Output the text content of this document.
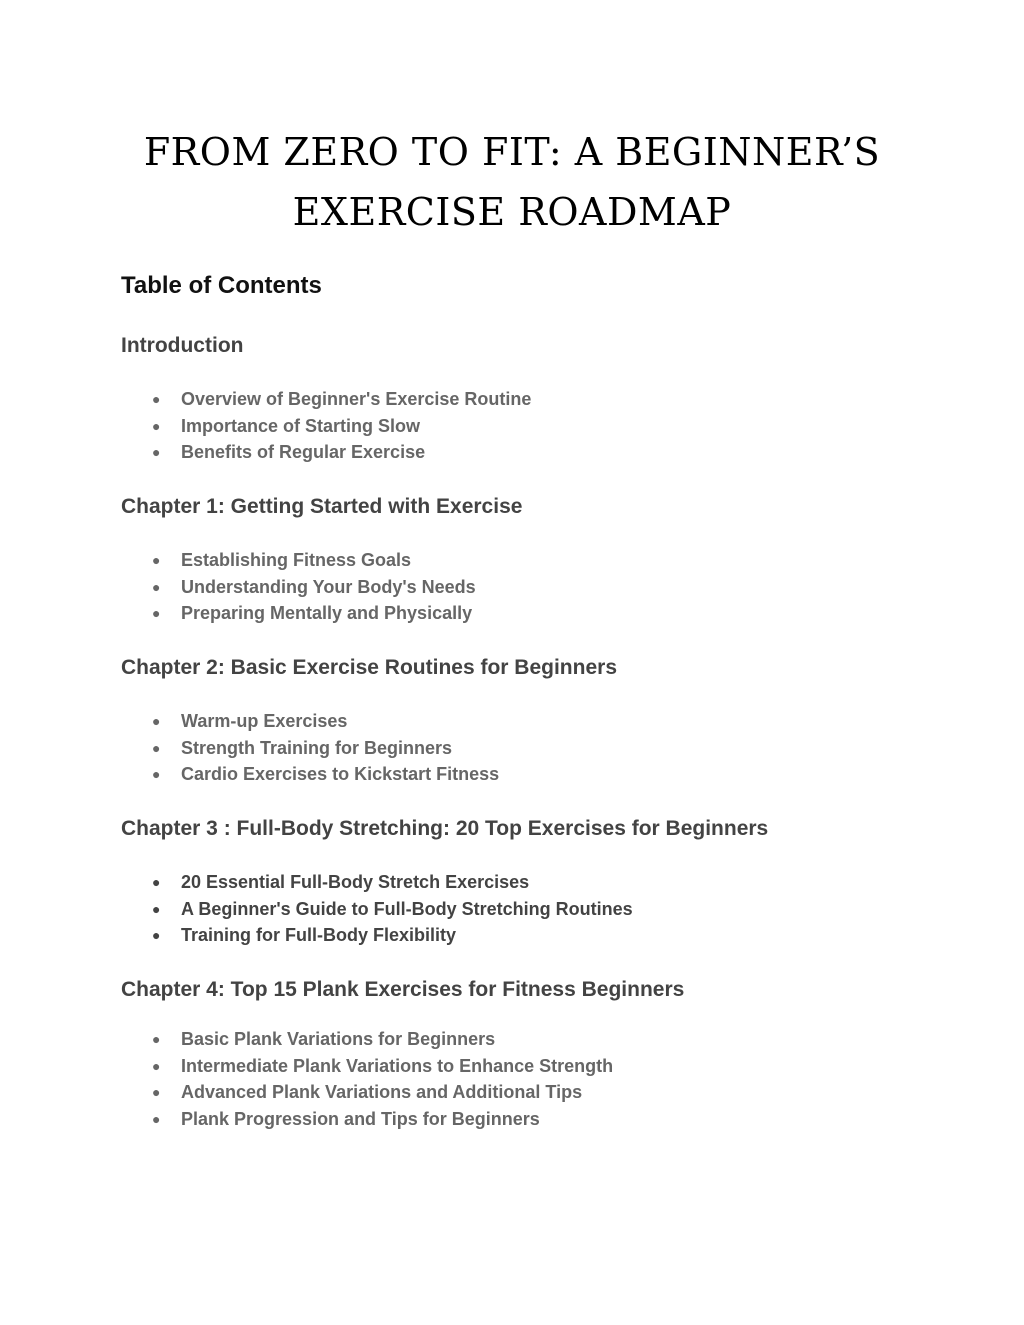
FROM ZERO TO FIT: A BEGINNER’S
EXERCISE ROADMAP
Table of Contents
Introduction
● Overview of Beginner's Exercise Routine
● Importance of Starting Slow
● Benefits of Regular Exercise
Chapter 1: Getting Started with Exercise
● Establishing Fitness Goals
● Understanding Your Body's Needs
● Preparing Mentally and Physically
Chapter 2: Basic Exercise Routines for Beginners
● Warm-up Exercises
● Strength Training for Beginners
● Cardio Exercises to Kickstart Fitness
Chapter 3 : Full-Body Stretching: 20 Top Exercises for Beginners
● 20 Essential Full-Body Stretch Exercises
● A Beginner's Guide to Full-Body Stretching Routines
● Training for Full-Body Flexibility
Chapter 4: Top 15 Plank Exercises for Fitness Beginners
● Basic Plank Variations for Beginners
● Intermediate Plank Variations to Enhance Strength
● Advanced Plank Variations and Additional Tips
● Plank Progression and Tips for Beginners
